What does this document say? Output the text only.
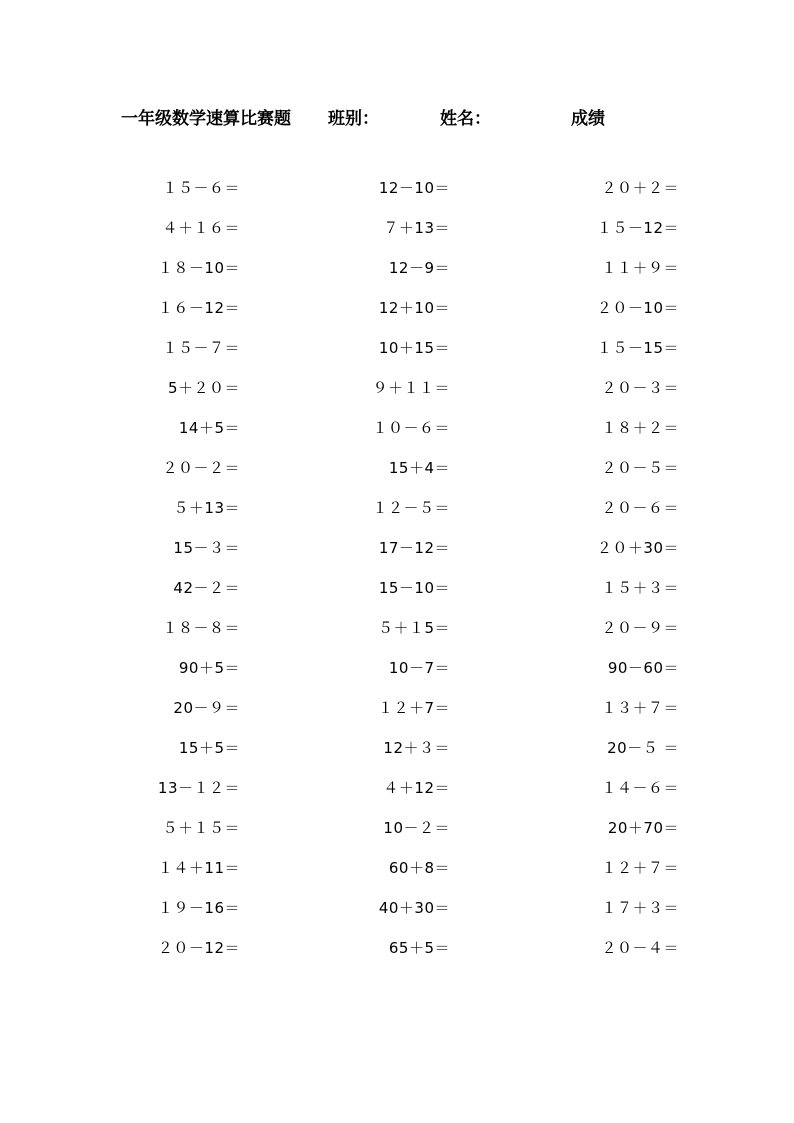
一年级数学速算比赛题 班别：	姓名：	成绩
１５－６＝	12－10＝	２０＋２＝
４＋１６＝	７＋13＝	１５－12＝
１８－10＝	12－9＝	１１＋９＝
１６－12＝	12＋10＝	２０－10＝
１５－７＝	10＋15＝	１５－15＝
5＋２０＝	９＋１１＝	２０－３＝
14＋5＝	１０－６＝	１８＋２＝
２０－２＝	15＋4＝	２０－５＝
５＋13＝	１２－５＝	２０－６＝
15－３＝	17－12＝	２０＋30＝
42－２＝	15－10＝	１５＋３＝
１８－８＝	５＋１5＝	２０－９＝
90＋5＝	10－7＝	90－60＝
20－９＝	１２＋7＝	１３＋７＝
15＋5＝	12＋３＝	20－５ ＝
13－１２＝	４＋12＝	１４－６＝
５＋１５＝	10－２＝	20＋70＝
１４＋11＝	60＋8＝	１２＋７＝
１９－16＝	40＋30＝	１７＋３＝
２０－12＝	65＋5＝	２０－４＝
